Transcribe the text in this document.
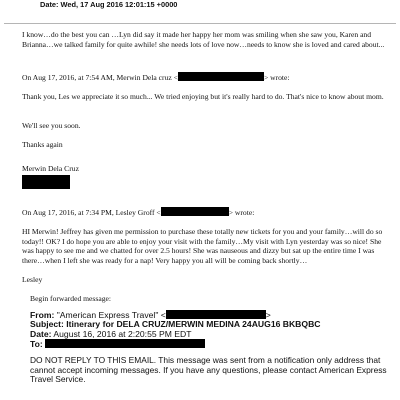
Date: Wed, 17 Aug 2016 12:01:15 +0000

I know…do the best you can …Lyn did say it made her happy her mom was smiling when she saw you, Karen and Brianna…we talked family for quite awhile! she needs lots of love now…needs to know she is loved and cared about...

On Aug 17, 2016, at 7:54 AM, Merwin Dela cruz <	> wrote:

Thank you, Les we appreciate it so much... We tried enjoying but it's really hard to do. That's nice to know about mom.

We'll see you soon.
Thanks again
Merwin Dela Cruz
On Aug 17, 2016, at 7:34 PM, Lesley Groff <	> wrote:

HI Merwin! Jeffrey has given me permission to purchase these totally new tickets for you and your family…will do so today!! OK? I do hope you are able to enjoy your visit with the family…My visit with Lyn yesterday was so nice! She was happy to see me and we chatted for over 2.5 hours! She was nauseous and dizzy but sat up the entire time I was there…when I left she was ready for a nap! Very happy you all will be coming back shortly…

Lesley
Begin forwarded message:
From: "American Express Travel" <	>
Subject: Itinerary for DELA CRUZ/MERWIN MEDINA 24AUG16 BKBQBC
Date: August 16, 2016 at 2:20:55 PM EDT
To:
DO NOT REPLY TO THIS EMAIL. This message was sent from a notification only address that cannot accept incoming messages. If you have any questions, please contact American Express Travel Service.
